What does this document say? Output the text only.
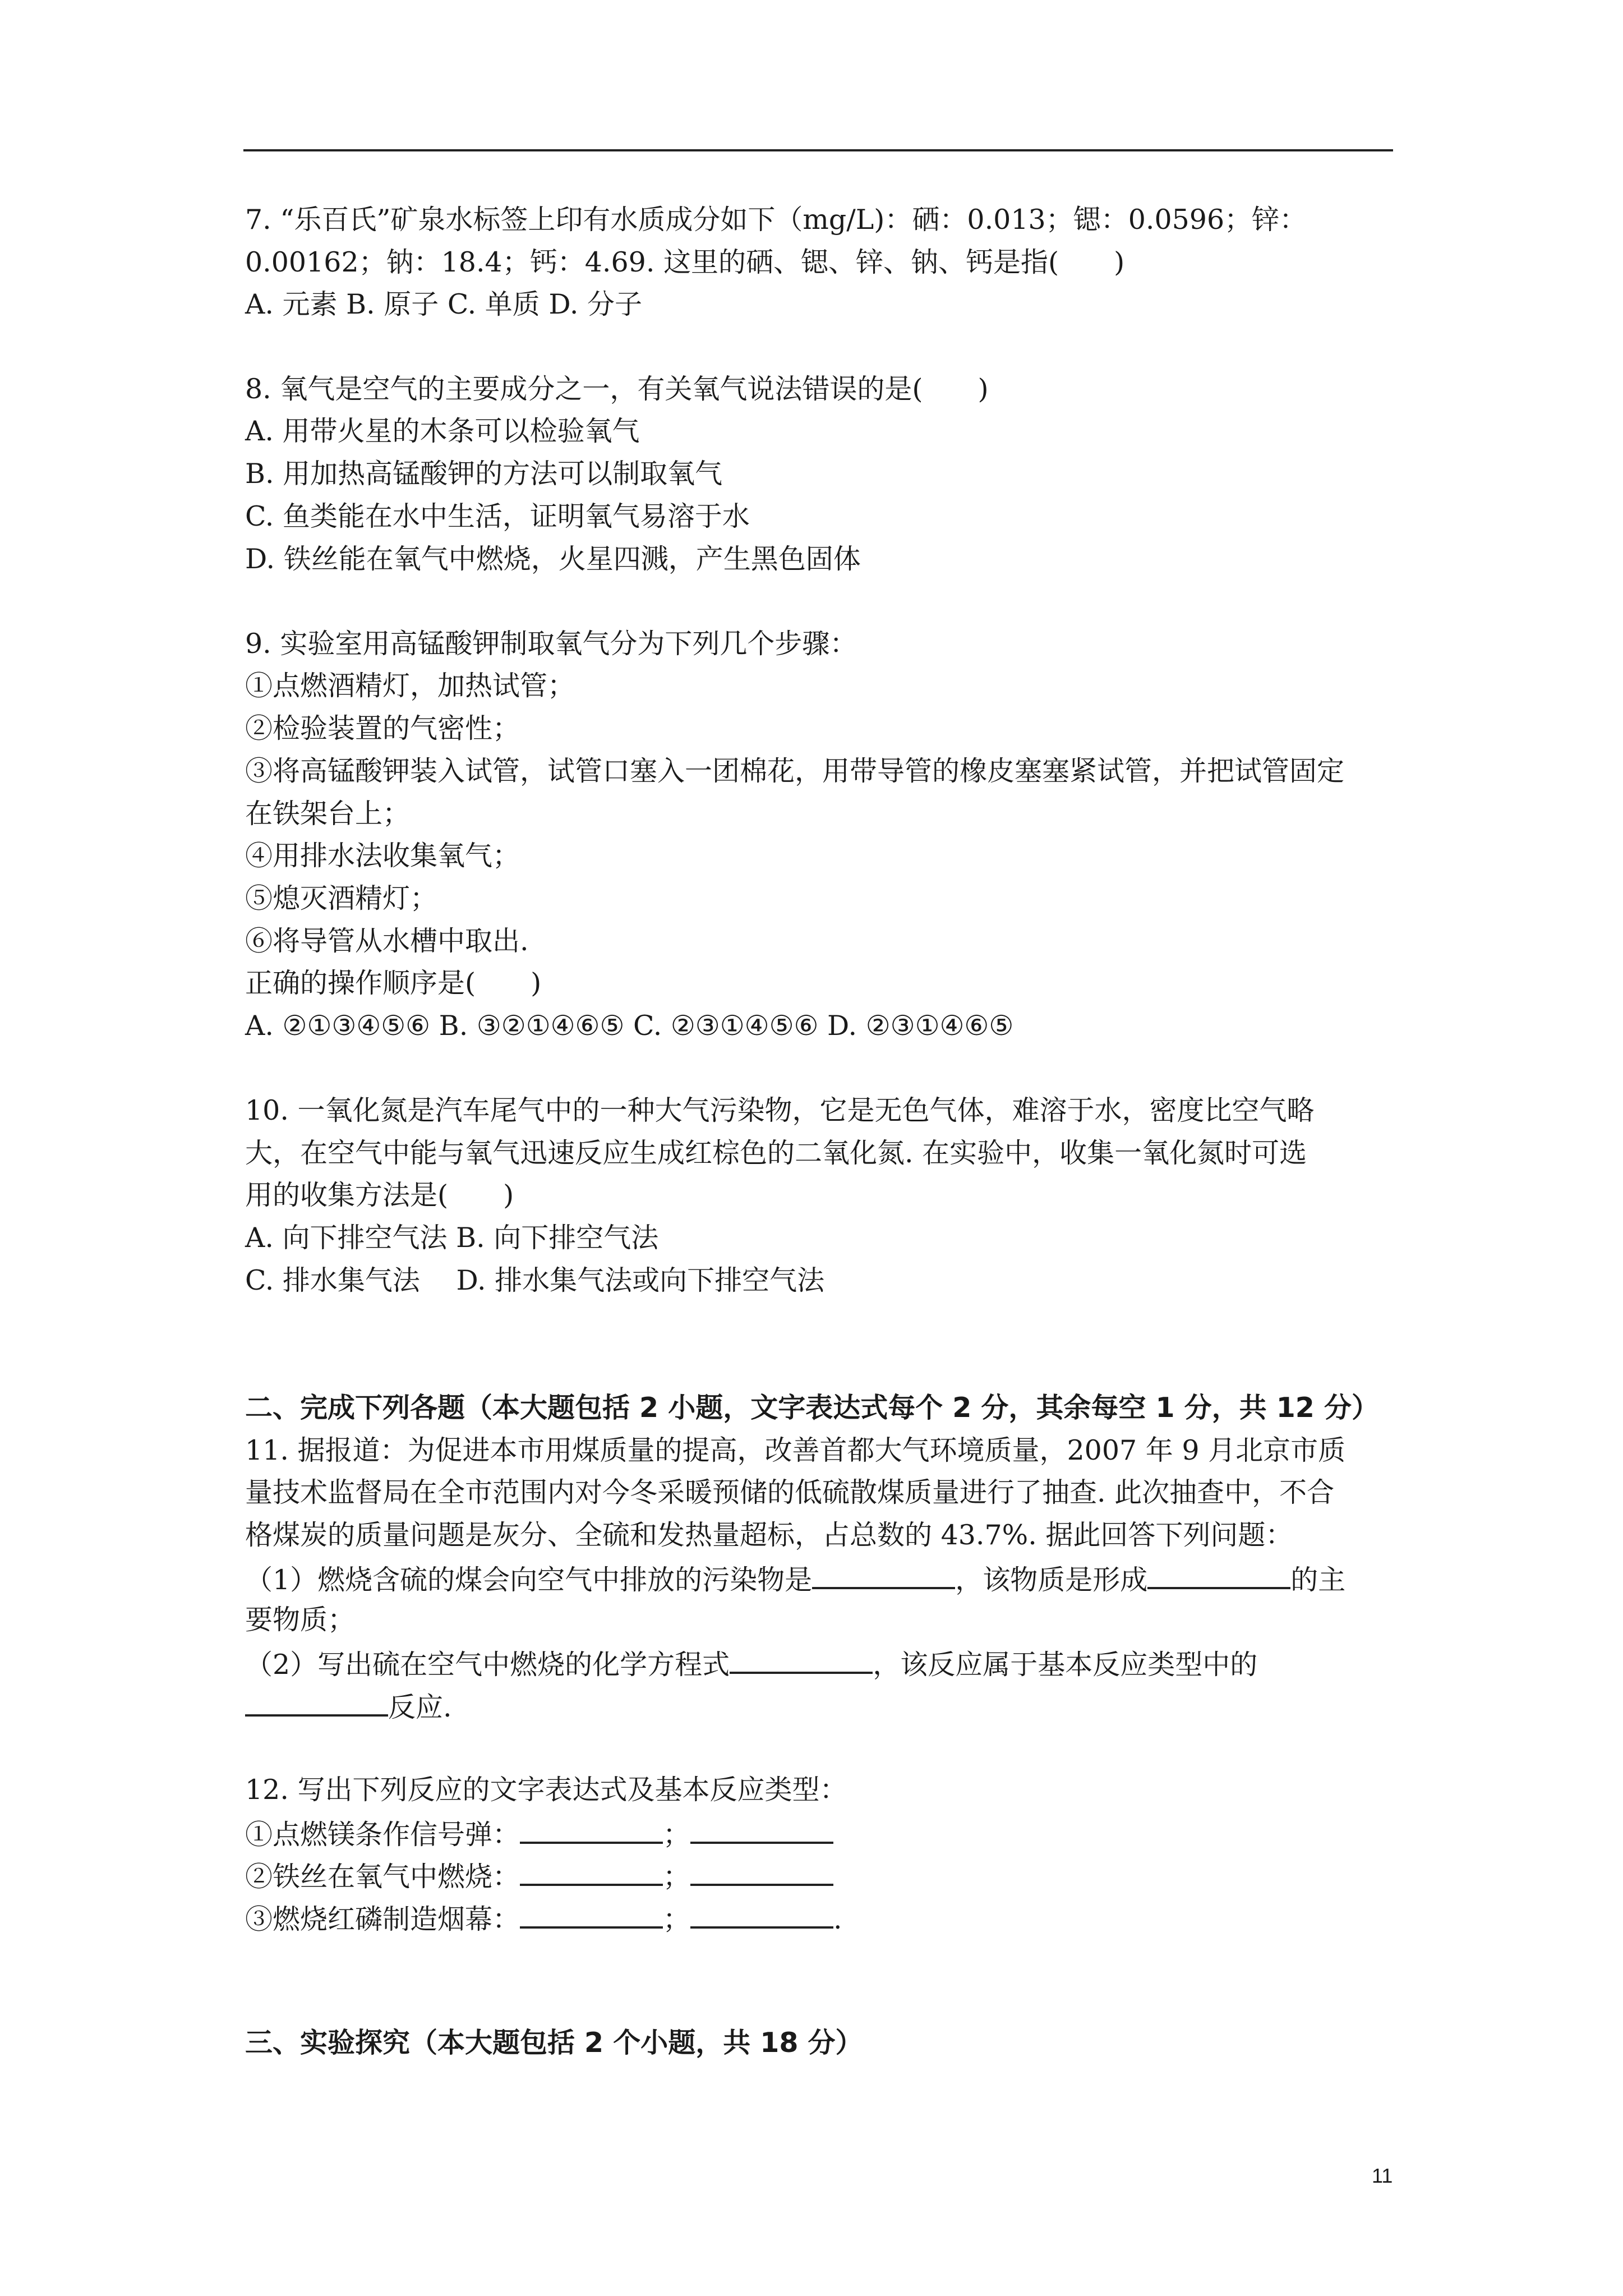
7. “乐百氏”矿泉水标签上印有水质成分如下（mg/L)：硒：0.013；锶：0.0596；锌：
0.00162；钠：18.4；钙：4.69. 这里的硒、锶、锌、钠、钙是指(　　)
A. 元素 B. 原子 C. 单质 D. 分子
8. 氧气是空气的主要成分之一，有关氧气说法错误的是(　　)
A. 用带火星的木条可以检验氧气
B. 用加热高锰酸钾的方法可以制取氧气
C. 鱼类能在水中生活，证明氧气易溶于水
D. 铁丝能在氧气中燃烧，火星四溅，产生黑色固体
9. 实验室用高锰酸钾制取氧气分为下列几个步骤：
①点燃酒精灯，加热试管；
②检验装置的气密性；
③将高锰酸钾装入试管，试管口塞入一团棉花，用带导管的橡皮塞塞紧试管，并把试管固定
在铁架台上；
④用排水法收集氧气；
⑤熄灭酒精灯；
⑥将导管从水槽中取出.
正确的操作顺序是(　　)
A. ②①③④⑤⑥ B. ③②①④⑥⑤ C. ②③①④⑤⑥ D. ②③①④⑥⑤
10. 一氧化氮是汽车尾气中的一种大气污染物，它是无色气体，难溶于水，密度比空气略
大，在空气中能与氧气迅速反应生成红棕色的二氧化氮. 在实验中，收集一氧化氮时可选
用的收集方法是(　　)
A. 向下排空气法 B. 向下排空气法
C. 排水集气法　 D. 排水集气法或向下排空气法
二、完成下列各题（本大题包括 2 小题，文字表达式每个 2 分，其余每空 1 分，共 12 分）
11. 据报道：为促进本市用煤质量的提高，改善首都大气环境质量，2007 年 9 月北京市质
量技术监督局在全市范围内对今冬采暖预储的低硫散煤质量进行了抽查. 此次抽查中，不合
格煤炭的质量问题是灰分、全硫和发热量超标，占总数的 43.7%. 据此回答下列问题：
（1）燃烧含硫的煤会向空气中排放的污染物是	，该物质是形成	的主
要物质；
（2）写出硫在空气中燃烧的化学方程式	，该反应属于基本反应类型中的
反应.
12. 写出下列反应的文字表达式及基本反应类型：
①点燃镁条作信号弹：	；
②铁丝在氧气中燃烧：	；
③燃烧红磷制造烟幕：	；	.
三、实验探究（本大题包括 2 个小题，共 18 分）
11
